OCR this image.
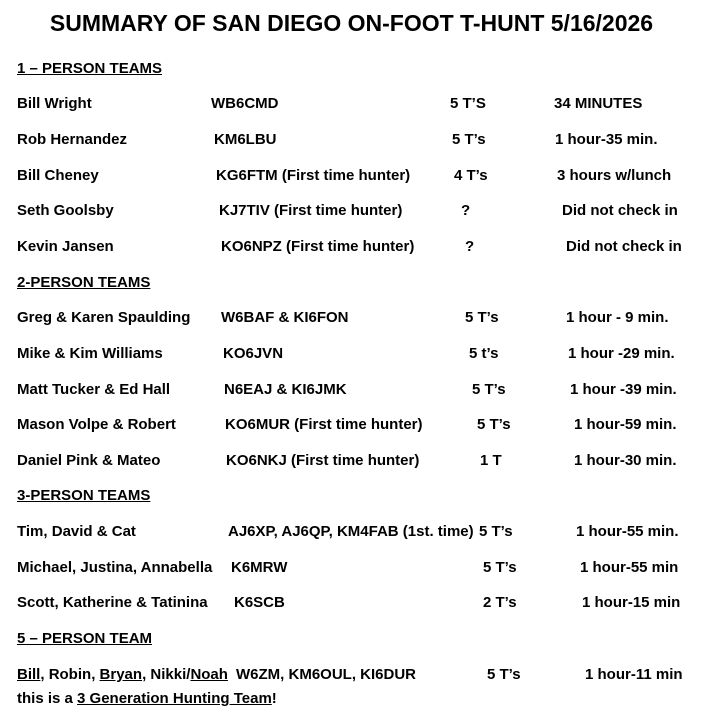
SUMMARY OF SAN DIEGO ON-FOOT T-HUNT 5/16/2026
1 – PERSON TEAMS
Bill Wright	WB6CMD	5 T’S	34 MINUTES
Rob Hernandez	KM6LBU	5 T’s	1 hour-35 min.
Bill Cheney	KG6FTM (First time hunter)	4 T’s	3 hours w/lunch
Seth Goolsby	KJ7TIV (First time hunter)	?	Did not check in
Kevin Jansen	KO6NPZ (First time hunter)	?	Did not check in
2-PERSON TEAMS
Greg & Karen Spaulding W6BAF & KI6FON	5 T’s	1 hour - 9 min.
Mike & Kim Williams	KO6JVN	5 t’s	1 hour -29 min.
Matt Tucker & Ed Hall	N6EAJ & KI6JMK	5 T’s	1 hour -39 min.
Mason Volpe & Robert	KO6MUR (First time hunter)	5 T’s	1 hour-59 min.
Daniel Pink & Mateo	KO6NKJ (First time hunter)	1 T	1 hour-30 min.
3-PERSON TEAMS
Tim, David & Cat	AJ6XP, AJ6QP, KM4FAB (1st. time) 5 T’s	1 hour-55 min.
Michael, Justina, Annabella K6MRW	5 T’s	1 hour-55 min
Scott, Katherine & Tatinina K6SCB	2 T’s	1 hour-15 min
5 – PERSON TEAM
Bill, Robin, Bryan, Nikki/Noah W6ZM, KM6OUL, KI6DUR	5 T’s	1 hour-11 min
this is a 3 Generation Hunting Team!
